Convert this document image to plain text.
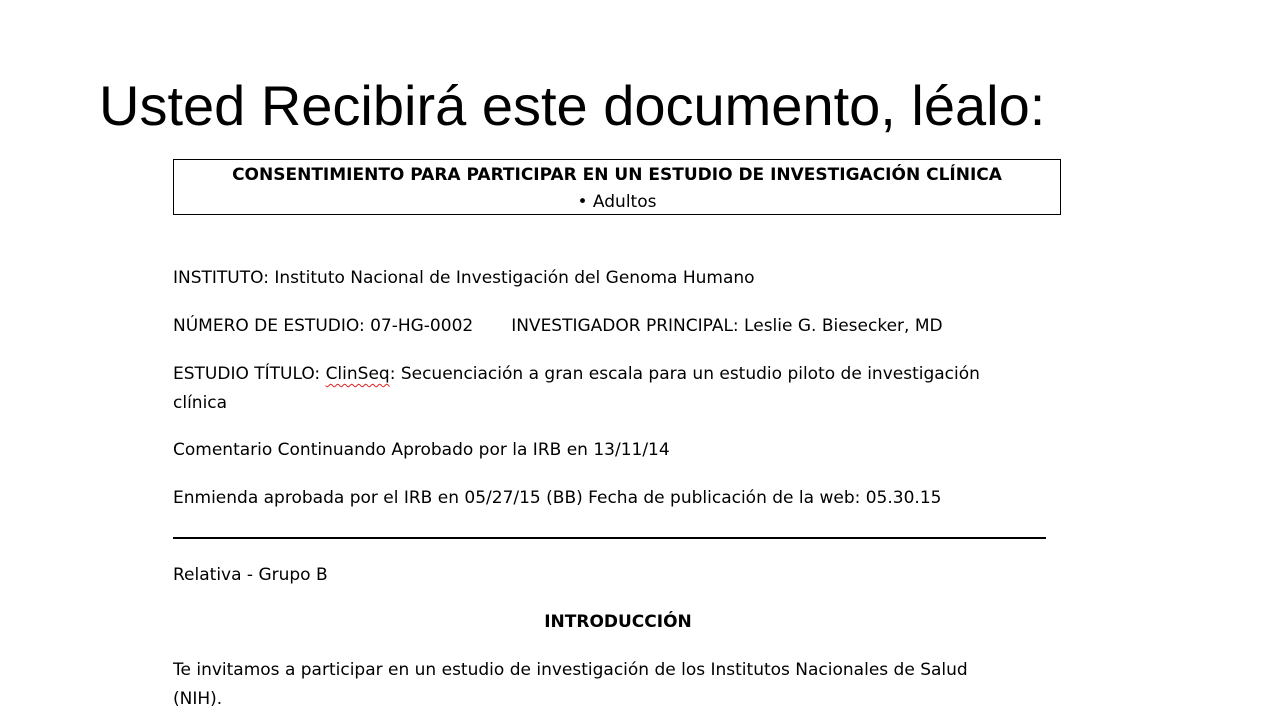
Usted Recibirá este documento, léalo:
CONSENTIMIENTO PARA PARTICIPAR EN UN ESTUDIO DE INVESTIGACIÓN CLÍNICA
• Adultos
INSTITUTO: Instituto Nacional de Investigación del Genoma Humano
NÚMERO DE ESTUDIO: 07-HG-0002 INVESTIGADOR PRINCIPAL: Leslie G. Biesecker, MD
ESTUDIO TÍTULO: ClinSeq: Secuenciación a gran escala para un estudio piloto de investigación
clínica
Comentario Continuando Aprobado por la IRB en 13/11/14
Enmienda aprobada por el IRB en 05/27/15 (BB) Fecha de publicación de la web: 05.30.15
Relativa - Grupo B
INTRODUCCIÓN
Te invitamos a participar en un estudio de investigación de los Institutos Nacionales de Salud
(NIH).
